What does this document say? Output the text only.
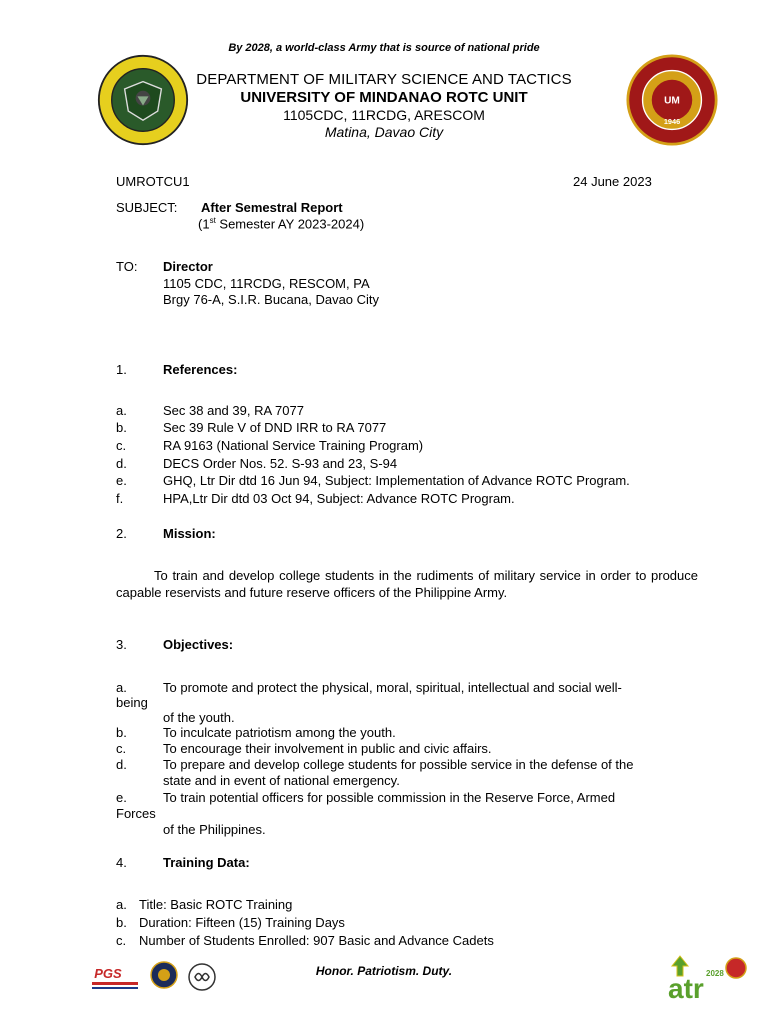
By 2028, a world-class Army that is source of national pride
UM
1946
DEPARTMENT OF MILITARY SCIENCE AND TACTICS
UNIVERSITY OF MINDANAO ROTC UNIT
1105CDC, 11RCDG, ARESCOM
Matina, Davao City
UMROTCU1	24 June 2023
SUBJECT: After Semestral Report
(1st Semester AY 2023-2024)
TO: Director
1105 CDC, 11RCDG, RESCOM, PA
Brgy 76-A, S.I.R. Bucana, Davao City
1.	References:
a.	Sec 38 and 39, RA 7077
b.	Sec 39 Rule V of DND IRR to RA 7077
c.	RA 9163 (National Service Training Program)
d.	DECS Order Nos. 52. S-93 and 23, S-94
e.	GHQ, Ltr Dir dtd 16 Jun 94, Subject: Implementation of Advance ROTC Program.
f.	HPA,Ltr Dir dtd 03 Oct 94, Subject: Advance ROTC Program.
2.	Mission:
To train and develop college students in the rudiments of military service in order to produce capable reservists and future reserve officers of the Philippine Army.
3.	Objectives:
a.	To promote and protect the physical, moral, spiritual, intellectual and social well-
being
of the youth.
b.	To inculcate patriotism among the youth.
c.	To encourage their involvement in public and civic affairs.
d.	To prepare and develop college students for possible service in the defense of the
state and in event of national emergency.
e.	To train potential officers for possible commission in the Reserve Force, Armed
Forces
of the Philippines.
4.	Training Data:
a. Title: Basic ROTC Training
b. Duration: Fifteen (15) Training Days
c. Number of Students Enrolled: 907 Basic and Advance Cadets
Honor. Patriotism. Duty.
PGS	atr 2028
